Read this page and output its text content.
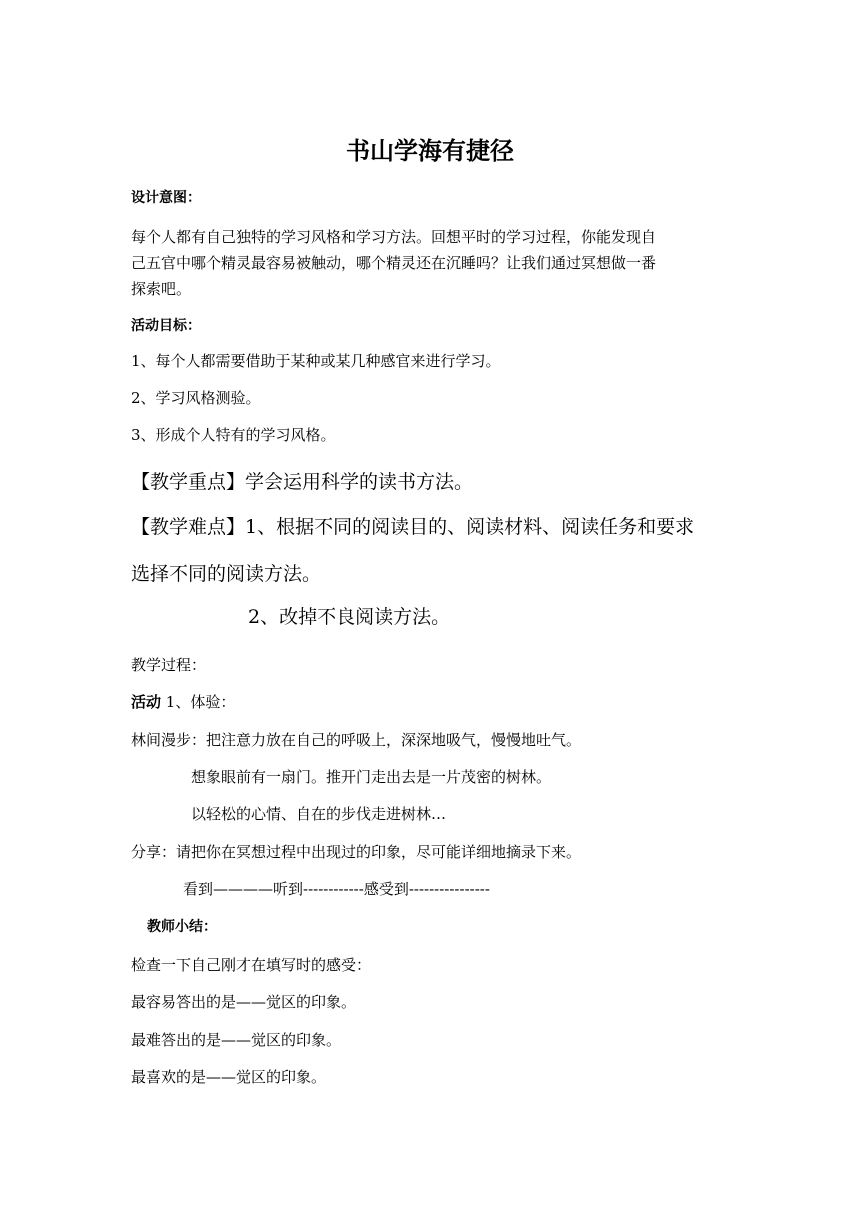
书山学海有捷径
设计意图：
每个人都有自己独特的学习风格和学习方法。回想平时的学习过程，你能发现自
己五官中哪个精灵最容易被触动，哪个精灵还在沉睡吗？让我们通过冥想做一番
探索吧。
活动目标：
1、每个人都需要借助于某种或某几种感官来进行学习。
2、学习风格测验。
3、形成个人特有的学习风格。
【教学重点】学会运用科学的读书方法。
【教学难点】1、根据不同的阅读目的、阅读材料、阅读任务和要求
选择不同的阅读方法。
2、改掉不良阅读方法。
教学过程：
活动 1、体验：
林间漫步：把注意力放在自己的呼吸上，深深地吸气，慢慢地吐气。
想象眼前有一扇门。推开门走出去是一片茂密的树林。
以轻松的心情、自在的步伐走进树林…
分享：请把你在冥想过程中出现过的印象，尽可能详细地摘录下来。
看到————听到------------感受到----------------
教师小结：
检查一下自己刚才在填写时的感受：
最容易答出的是——觉区的印象。
最难答出的是——觉区的印象。
最喜欢的是——觉区的印象。
